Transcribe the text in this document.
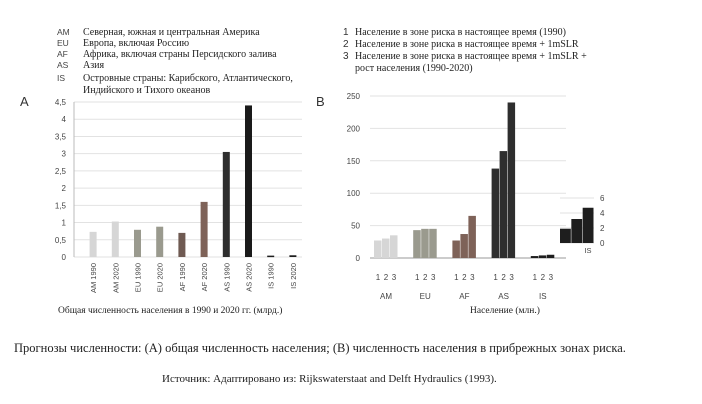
AM	Северная, южная и центральная Америка
EU	Европа, включая Россию
AF	Африка, включая страны Персидского залива
AS	Азия
IS	Островные страны: Карибского, Атлантического,
Индийского и Тихого океанов
1 Население в зоне риска в настоящее время (1990)
2 Население в зоне риска в настоящее время + 1mSLR
3 Население в зоне риска в настоящее время + 1mSLR +
рост населения (1990-2020)
A	B
0
0,5
1
1,5
2
2,5
3
3,5
4
4,5
AM 1990 AM 2020 EU 1990 EU 2020 AF 1990 AF 2020 AS 1990 AS 2020 IS 1990 IS 2020
Общая численность населения в 1990 и 2020 гг. (млрд.)
0
50
100
150
200
250
1 2 3 1 2 3 1 2 3 1 2 3 1 2 3
AM	EU	AF	AS	IS
0
2
4
6
IS
Население (млн.)
Прогнозы численности: (А) общая численность населения; (В) численность населения в прибрежных зонах риска.
Источник: Адаптировано из: Rijkswaterstaat and Delft Hydraulics (1993).
